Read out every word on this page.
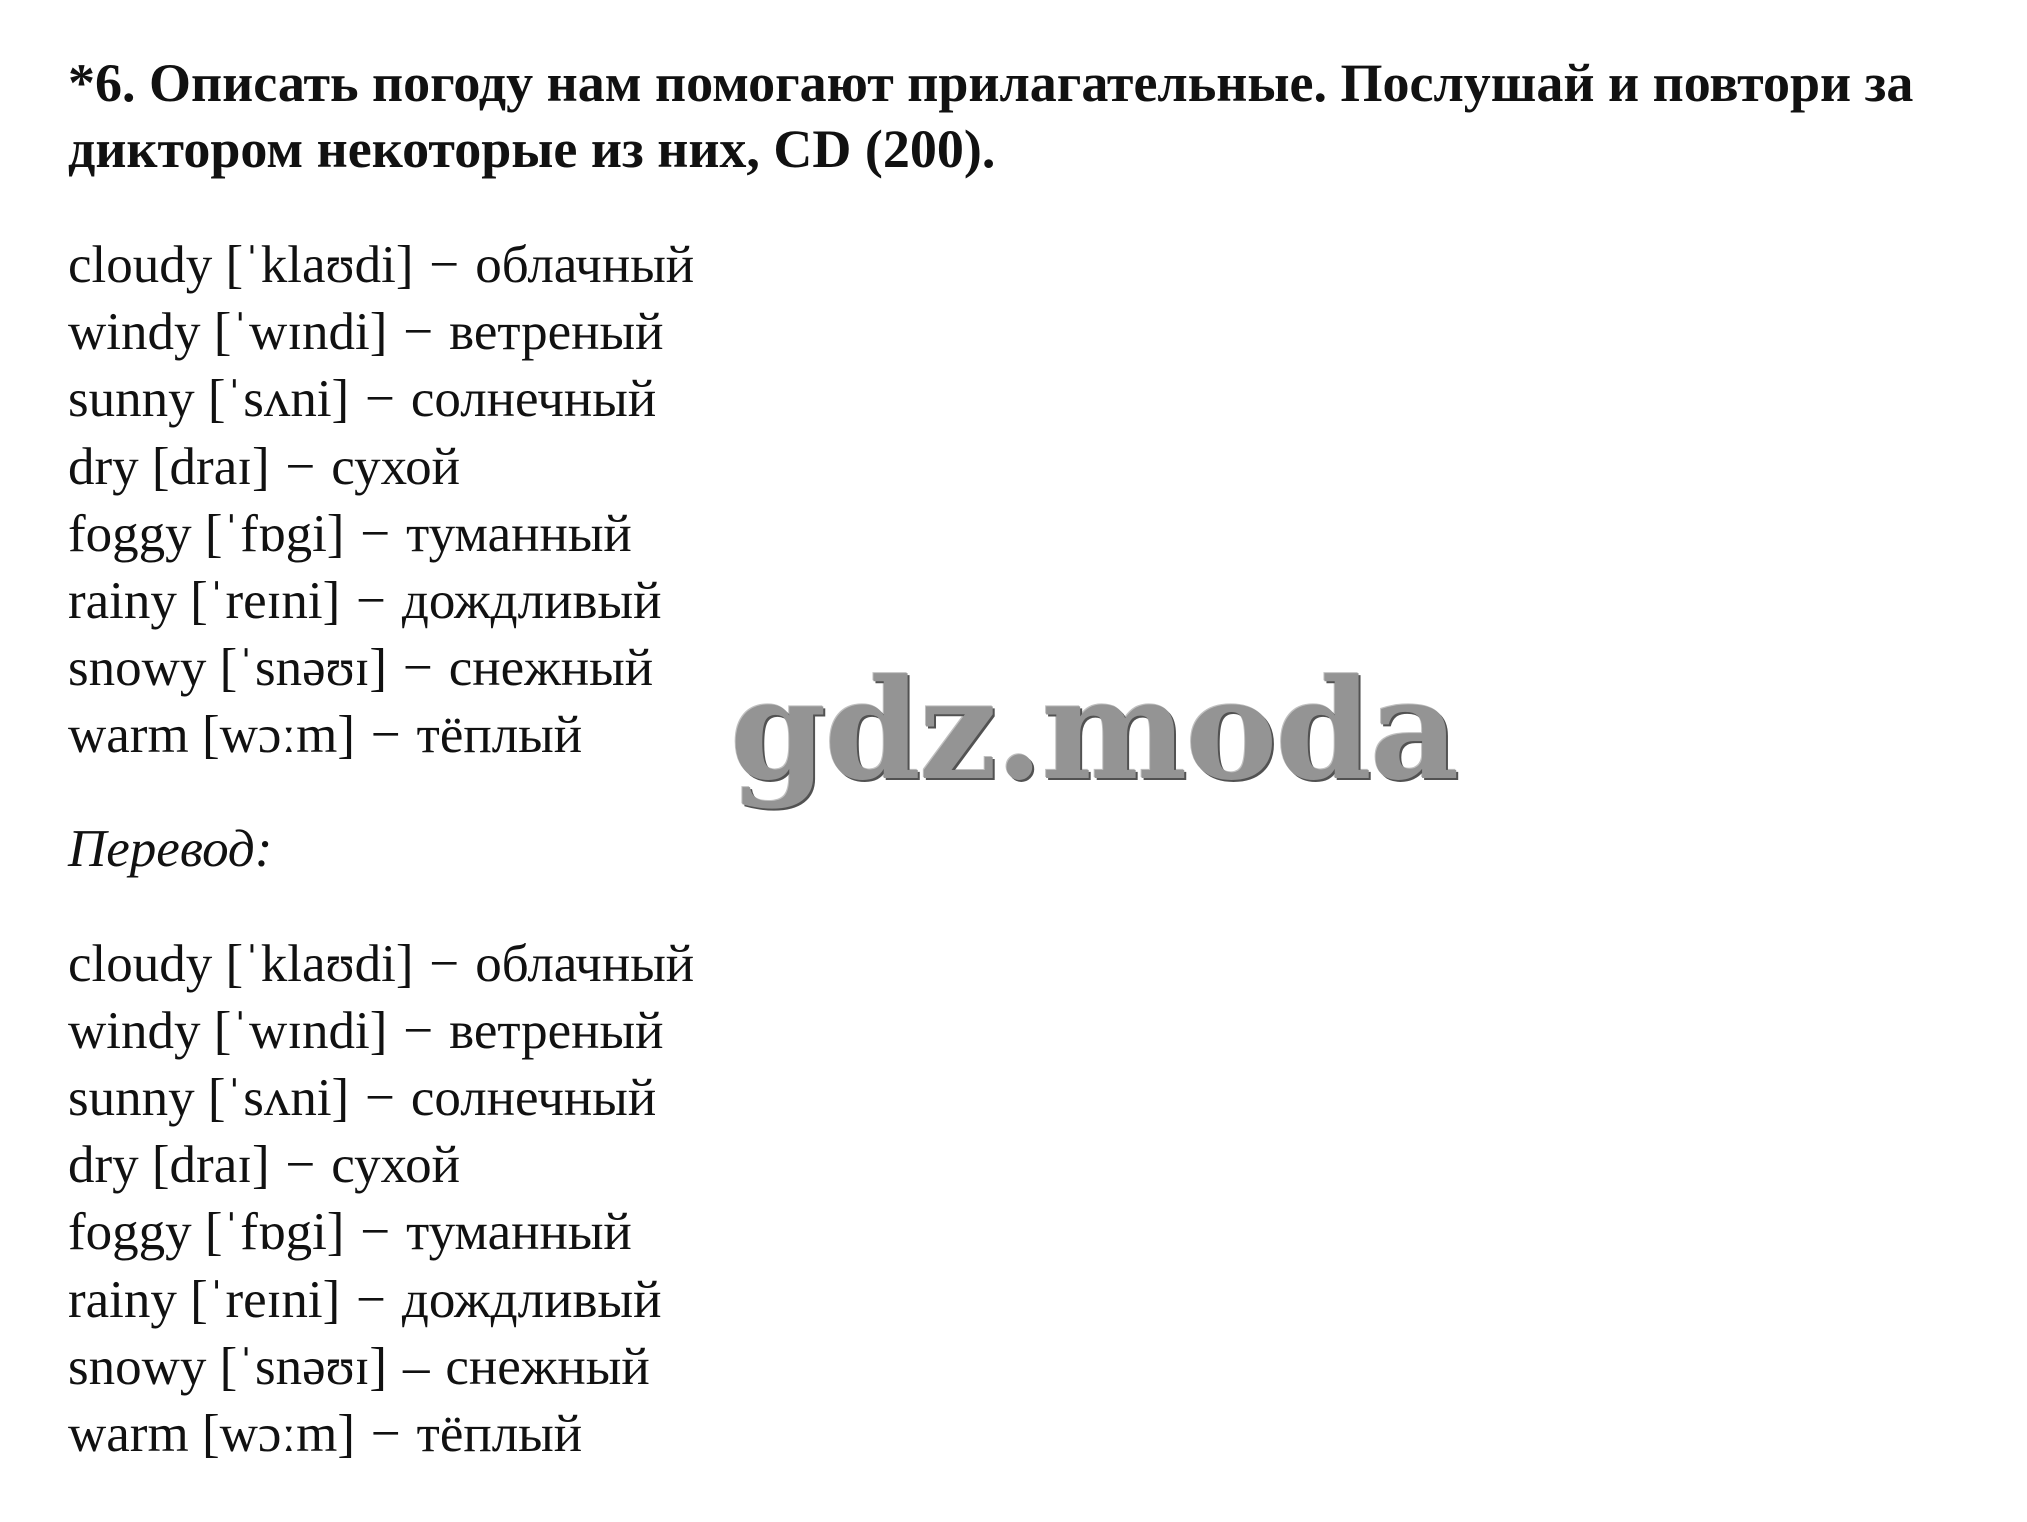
*6. Описать погоду нам помогают прилагательные. Послушай и повтори за диктором некоторые из них, CD (200).

cloudy [ˈklaʊdi] − облачный
windy [ˈwɪndi] − ветреный
sunny [ˈsʌni] − солнечный
dry [draɪ] − сухой
foggy [ˈfɒgi] − туманный
rainy [ˈreɪni] − дождливый
snowy [ˈsnəʊɪ] − снежный
warm [wɔːm] − тёплый

Перевод:

cloudy [ˈklaʊdi] − облачный
windy [ˈwɪndi] − ветреный
sunny [ˈsʌni] − солнечный
dry [draɪ] − сухой
foggy [ˈfɒgi] − туманный
rainy [ˈreɪni] − дождливый
snowy [ˈsnəʊɪ] – снежный
warm [wɔːm] − тёплый
gdz.moda
